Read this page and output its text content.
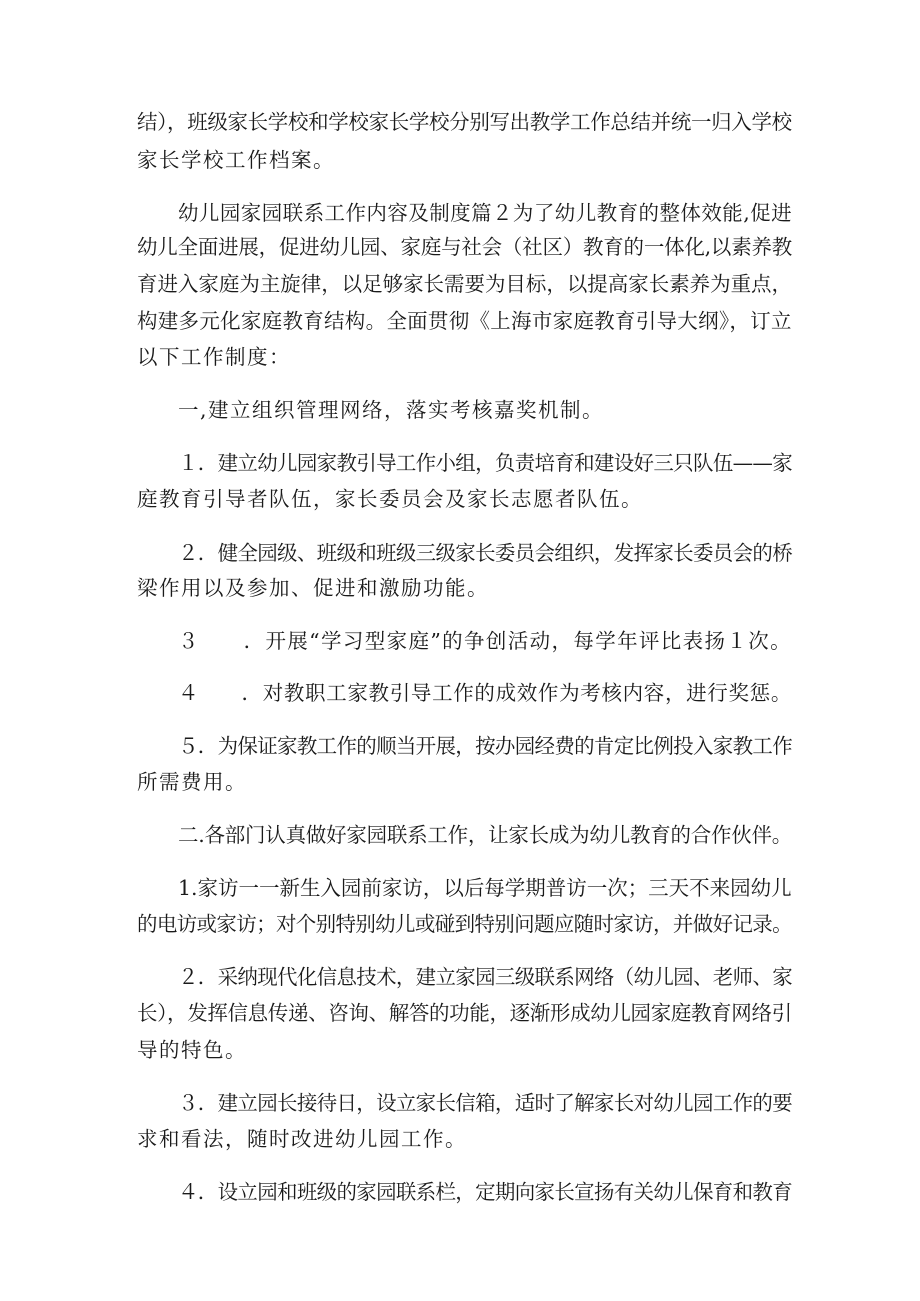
结），班级家长学校和学校家长学校分别写出教学工作总结并统一归入学校
家长学校工作档案。
幼儿园家园联系工作内容及制度篇２为了幼儿教育的整体效能,促进
幼儿全面进展，促进幼儿园、家庭与社会（社区）教育的一体化,以素养教
育进入家庭为主旋律，以足够家长需要为目标，以提高家长素养为重点，
构建多元化家庭教育结构。全面贯彻《上海市家庭教育引导大纲》，订立
以下工作制度：
一,建立组织管理网络，落实考核嘉奖机制。
１．建立幼儿园家教引导工作小组，负责培育和建设好三只队伍——家
庭教育引导者队伍，家长委员会及家长志愿者队伍。
２．健全园级、班级和班级三级家长委员会组织，发挥家长委员会的桥
梁作用以及参加、促进和激励功能。
３　　．开展“学习型家庭”的争创活动，每学年评比表扬１次。
４　　．对教职工家教引导工作的成效作为考核内容，进行奖惩。
５．为保证家教工作的顺当开展，按办园经费的肯定比例投入家教工作
所需费用。
二.各部门认真做好家园联系工作，让家长成为幼儿教育的合作伙伴。
1.家访一一新生入园前家访，以后每学期普访一次；三天不来园幼儿
的电访或家访；对个别特别幼儿或碰到特别问题应随时家访，并做好记录。
２．采纳现代化信息技术，建立家园三级联系网络（幼儿园、老师、家
长），发挥信息传递、咨询、解答的功能，逐渐形成幼儿园家庭教育网络引
导的特色。
３．建立园长接待日，设立家长信箱，适时了解家长对幼儿园工作的要
求和看法，随时改进幼儿园工作。
４．设立园和班级的家园联系栏，定期向家长宣扬有关幼儿保育和教育
